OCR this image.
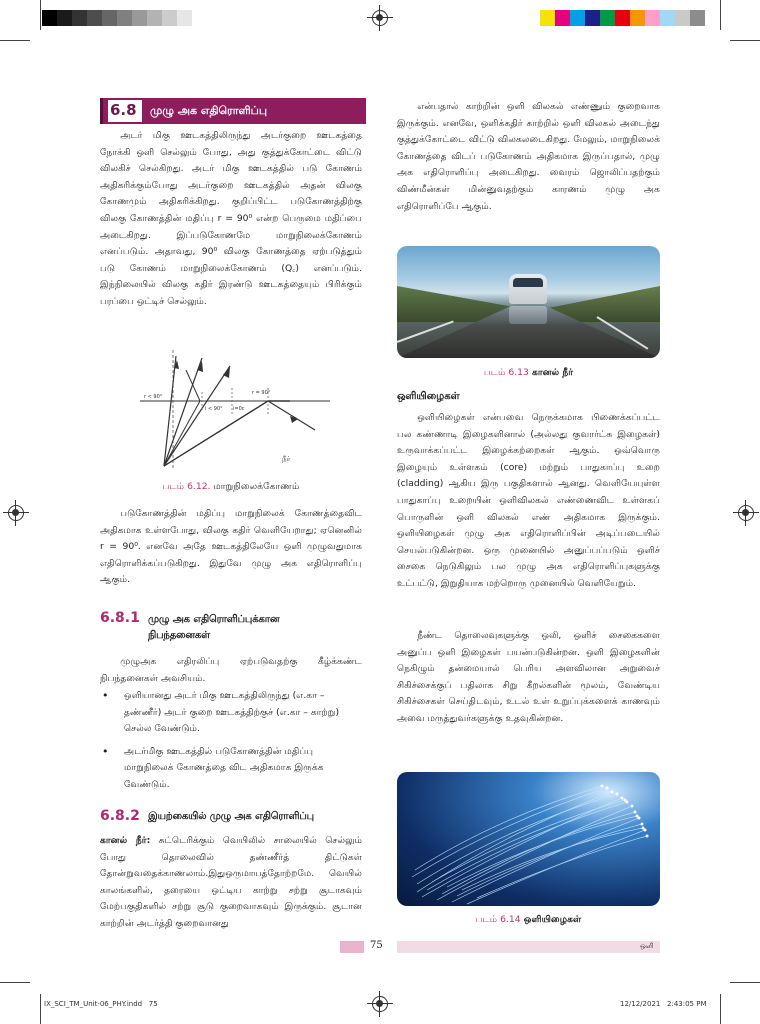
6.8 முழு அக எதிரொளிப்பு

அடர் மிகு ஊடகத்திலிருந்து அடர்குறை ஊடகத்தை நோக்கி ஒளி செல்லும் போது, அது குத்துக்கோட்டை விட்டு விலகிச் செல்கிறது. அடர் மிகு ஊடகத்தில் படு கோணம் அதிகரிக்கும்போது அடர்குறை ஊடகத்தில் அதன் விலகு கோணமும் அதிகரிக்கிறது. குறிப்பிட்ட படுகோணத்திற்கு விலகு கோணத்தின் மதிப்பு r = 90⁰ என்ற பெருமை மதிப்பை அடைகிறது. இப்படுகோணமே மாறுநிலைக்கோணம் எனப்படும். அதாவது, 90⁰ விலகு கோணத்தை ஏற்படுத்தும் படு கோணம் மாறுநிலைக்கோணம் (Q꜀) எனப்படும். இந்நிலையில் விலகு கதிர் இரண்டு ஊடகத்தையும் பிரிக்கும் பரப்பை ஒட்டிச் செல்லும்.

r < 90°
i < 90° i=0c
r = 90°
நீர்
படம் 6.12. மாறுநிலைக்கோணம்

படுகோணத்தின் மதிப்பு மாறுநிலைக் கோணத்தைவிட அதிகமாக உள்ளபோது, விலகு கதிர் வெளியேறாது; ஏனெனில் r = 90⁰. எனவே அதே ஊடகத்திலேயே ஒளி முழுவதுமாக எதிரொளிக்கப்படுகிறது. இதுவே முழு அக எதிரொளிப்பு ஆகும்.

6.8.1 முழு அக எதிரொளிப்புக்கான
நிபந்தனைகள்

முழுஅக எதிரலிப்பு ஏற்படுவதற்கு கீழ்க்கண்ட நிபந்தனைகள் அவசியம்.

• ஒளியானது அடர் மிகு ஊடகத்திலிருந்து (எ.கா – தண்ணீர்) அடர் குறை ஊடகத்திற்குச் (எ.கா – காற்று) செல்ல வேண்டும்.
• அடர்மிகு ஊடகத்தில் படுகோணத்தின் மதிப்பு மாறுநிலைக் கோணத்தை விட அதிகமாக இருக்க வேண்டும்.
6.8.2 இயற்கையில் முழு அக எதிரொளிப்பு

கானல் நீர்: சுட்டெரிக்கும் வெயிலில் சாலையில் செல்லும் போது தொலைவில் தண்ணீர்த் திட்டுகள் தோன்றுவதைக்காணலாம்.இதுஒருமாயத்தோற்றமே. வெயில் காலங்களில், தரையை ஒட்டிய காற்று சற்று சூடாகவும் மேற்பகுதிகளில் சற்று சூடு குறைவாகவும் இருக்கும். சூடான காற்றின் அடர்த்தி குறைவானது

என்பதால் காற்றின் ஒளி விலகல் எண்ணும் குறைவாக இருக்கும். எனவே, ஒளிக்கதிர் காற்றில் ஒளி விலகல் அடைந்து குத்துக்கோட்டை விட்டு விலகலடைகிறது. மேலும், மாறுநிலைக் கோணத்தை விடப் படுகோணம் அதிகமாக இருப்பதால், முழு அக எதிரொளிப்பு அடைகிறது. வைரம் ஜொலிப்பதற்கும் விண்மீன்கள் மின்னுவதற்கும் காரணம் முழு அக எதிரொளிப்பே ஆகும்.

படம் 6.13 கானல் நீர்
ஒளியிழைகள்

ஒளியிழைகள் என்பவை நெருக்கமாக பிணைக்கப்பட்ட பல கண்ணாடி இழைகளினால் (அல்லது குவார்ட்சு இழைகள்) உருவாக்கப்பட்ட இழைக்கற்றைகள் ஆகும். ஒவ்வொரு இழையும் உள்ளகம் (core) மற்றும் பாதுகாப்பு உறை (cladding) ஆகிய இரு பகுதிகளால் ஆனது. வெளியேயுள்ள பாதுகாப்பு உறையின் ஒளிவிலகல் எண்ணைவிட உள்ளகப் பொருளின் ஒளி விலகல் எண் அதிகமாக இருக்கும். ஒளியிழைகள் முழு அக எதிரொளிப்பின் அடிப்படையில் செயல்படுகின்றன. ஒரு முனையில் அனுப்பப்படும் ஒளிச் சைகை நெடுகிலும் பல முழு அக எதிரொளிப்புகளுக்கு உட்பட்டு, இறுதியாக மற்றொரு முனையில் வெளியேறும்.

நீண்ட தொலைவுகளுக்கு ஒலி, ஒளிச் சைகைகளை அனுப்ப ஒளி இழைகள் பயன்படுகின்றன. ஒளி இழைகளின் நெகிழும் தன்மையால் பெரிய அளவிலான அறுவைச் சிகிச்சைக்குப் பதிலாக சிறு கீறல்களின் மூலம், வேண்டிய சிகிச்சைகள் செய்திடவும், உடல் உள் உறுப்புக்களைக் காணவும் அவை மருத்துவர்களுக்கு உதவுகின்றன.

படம் 6.14 ஒளியிழைகள்
75	ஒளி
IX_SCI_TM_Unit-06_PHY.indd   75	12/12/2021   2:43:05 PM
